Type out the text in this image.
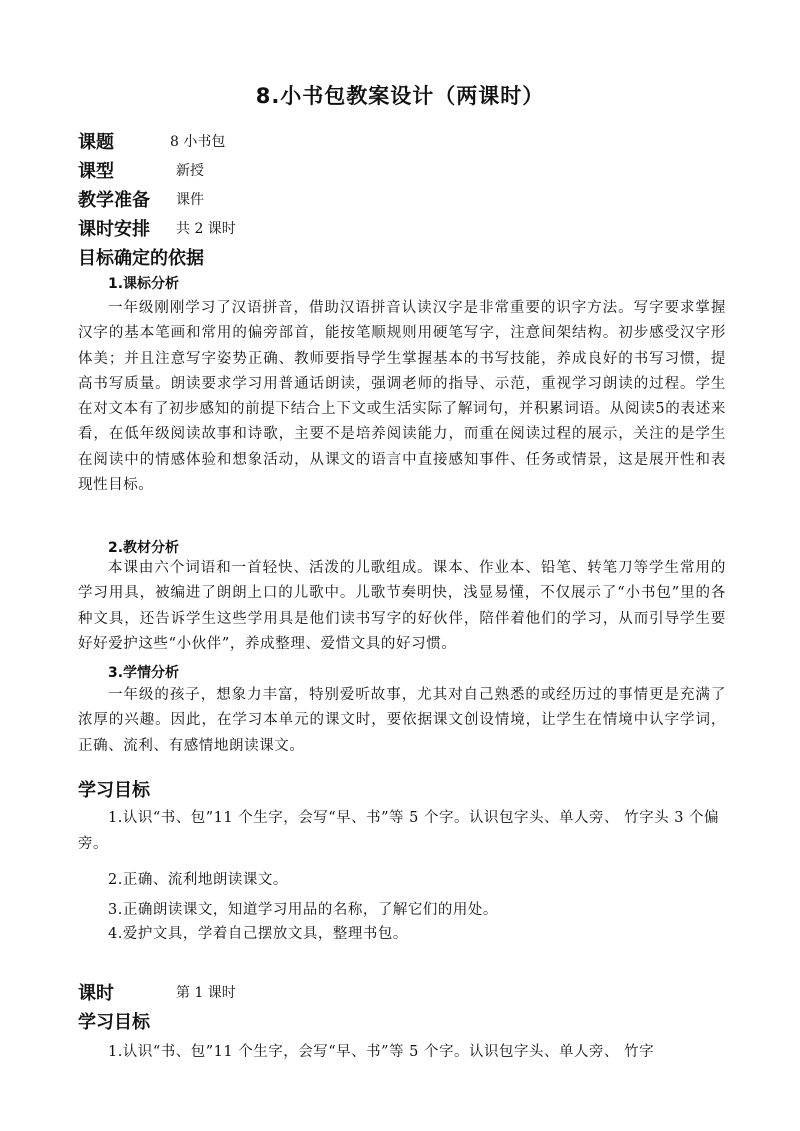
8.小书包教案设计（两课时）
课题	8 小书包
课型	新授
教学准备 课件
课时安排 共 2 课时
目标确定的依据
1.课标分析
一年级刚刚学习了汉语拼音，借助汉语拼音认读汉字是非常重要的识字方法。写字要求掌握汉字的基本笔画和常用的偏旁部首，能按笔顺规则用硬笔写字，注意间架结构。初步感受汉字形体美；并且注意写字姿势正确、教师要指导学生掌握基本的书写技能，养成良好的书写习惯，提高书写质量。朗读要求学习用普通话朗读，强调老师的指导、示范，重视学习朗读的过程。学生在对文本有了初步感知的前提下结合上下文或生活实际了解词句，并积累词语。从阅读5的表述来看，在低年级阅读故事和诗歌，主要不是培养阅读能力，而重在阅读过程的展示，关注的是学生在阅读中的情感体验和想象活动，从课文的语言中直接感知事件、任务或情景，这是展开性和表现性目标。
2.教材分析
本课由六个词语和一首轻快、活泼的儿歌组成。课本、作业本、铅笔、转笔刀等学生常用的学习用具，被编进了朗朗上口的儿歌中。儿歌节奏明快，浅显易懂，不仅展示了“小书包”里的各种文具，还告诉学生这些学用具是他们读书写字的好伙伴，陪伴着他们的学习，从而引导学生要好好爱护这些“小伙伴”，养成整理、爱惜文具的好习惯。
3.学情分析
一年级的孩子，想象力丰富，特别爱听故事，尤其对自己熟悉的或经历过的事情更是充满了浓厚的兴趣。因此，在学习本单元的课文时，要依据课文创设情境，让学生在情境中认字学词，正确、流利、有感情地朗读课文。
学习目标
1.认识“书、包”11 个生字，会写“早、书”等 5 个字。认识包字头、单人旁、 竹字头 3 个偏旁。
2.正确、流利地朗读课文。
3.正确朗读课文，知道学习用品的名称，了解它们的用处。
4.爱护文具，学着自己摆放文具，整理书包。
课时	第 1 课时
学习目标
1.认识“书、包”11 个生字，会写“早、书”等 5 个字。认识包字头、单人旁、 竹字
